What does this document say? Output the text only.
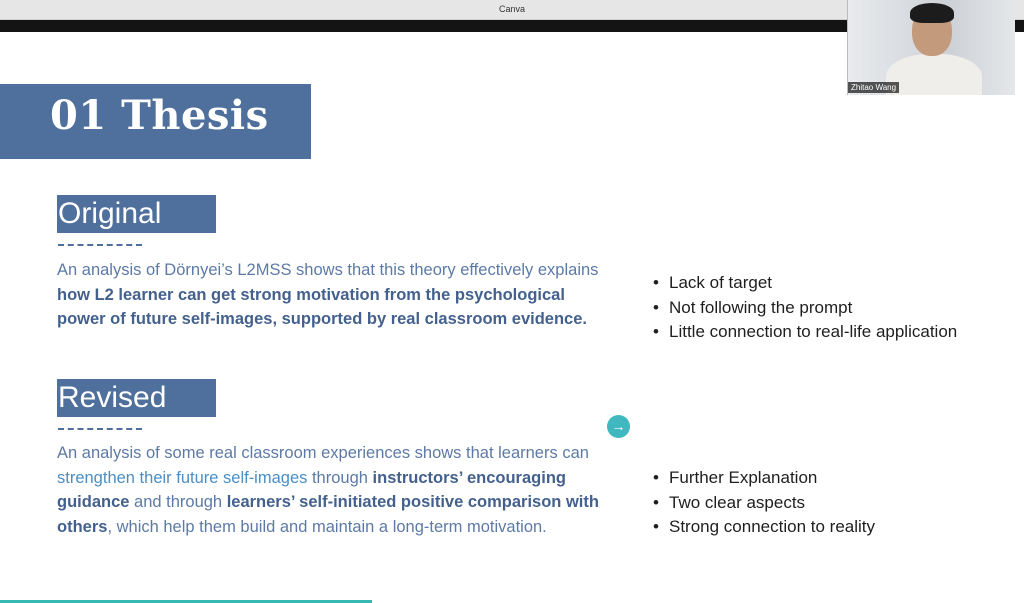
Canva
01 Thesis
Original

An analysis of Dörnyei’s L2MSS shows that this theory effectively explains how L2 learner can get strong motivation from the psychological power of future self-images, supported by real classroom evidence.

• Lack of target
• Not following the prompt
• Little connection to real-life application
Revised

An analysis of some real classroom experiences shows that learners can strengthen their future self-images through instructors’ encouraging guidance and through learners’ self-initiated positive comparison with others, which help them build and maintain a long-term motivation.

• Further Explanation
• Two clear aspects
• Strong connection to reality
→
Zhitao Wang
